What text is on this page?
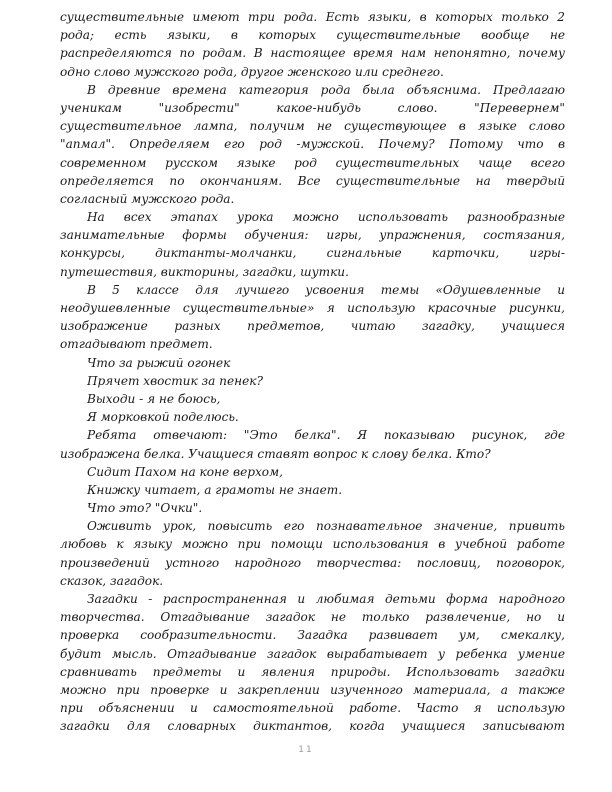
существительные имеют три рода. Есть языки, в которых только 2
рода; есть языки, в которых существительные вообще не
распределяются по родам. В настоящее время нам непонятно, почему
одно слово мужского рода, другое женского или среднего.
В древние времена категория рода была объяснима. Предлагаю
ученикам "изобрести" какое-нибудь слово. "Перевернем"
существительное лампа, получим не существующее в языке слово
"апмал". Определяем его род -мужской. Почему? Потому что в
современном русском языке род существительных чаще всего
определяется по окончаниям. Все существительные на твердый
согласный мужского рода.
На всех этапах урока можно использовать разнообразные
занимательные формы обучения: игры, упражнения, состязания,
конкурсы, диктанты-молчанки, сигнальные карточки, игры-
путешествия, викторины, загадки, шутки.
В 5 классе для лучшего усвоения темы «Одушевленные и
неодушевленные существительные» я использую красочные рисунки,
изображение разных предметов, читаю загадку, учащиеся
отгадывают предмет.
Что за рыжий огонек
Прячет хвостик за пенек?
Выходи - я не боюсь,
Я морковкой поделюсь.
Ребята отвечают: "Это белка". Я показываю рисунок, где
изображена белка. Учащиеся ставят вопрос к слову белка. Кто?
Сидит Пахом на коне верхом,
Книжку читает, а грамоты не знает.
Что это? "Очки".
Оживить урок, повысить его познавательное значение, привить
любовь к языку можно при помощи использования в учебной работе
произведений устного народного творчества: пословиц, поговорок,
сказок, загадок.
Загадки - распространенная и любимая детьми форма народного
творчества. Отгадывание загадок не только развлечение, но и
проверка сообразительности. Загадка развивает ум, смекалку,
будит мысль. Отгадывание загадок вырабатывает у ребенка умение
сравнивать предметы и явления природы. Использовать загадки
можно при проверке и закреплении изученного материала, а также
при объяснении и самостоятельной работе. Часто я использую
загадки для словарных диктантов, когда учащиеся записывают
11
